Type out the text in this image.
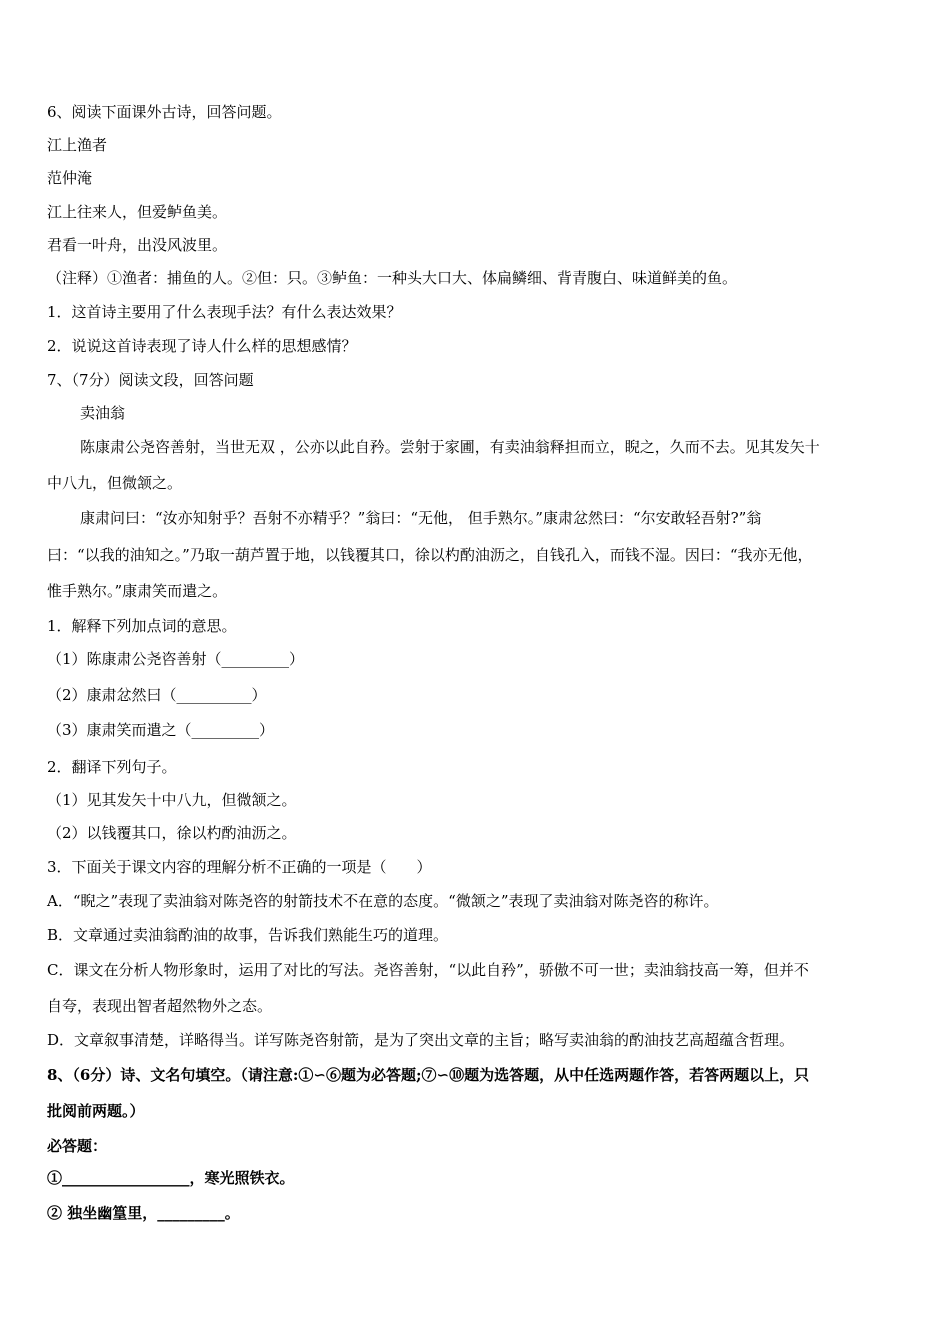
6、阅读下面课外古诗，回答问题。
江上渔者
范仲淹
江上往来人，但爱鲈鱼美。
君看一叶舟，出没风波里。
（注释）①渔者：捕鱼的人。②但：只。③鲈鱼：一种头大口大、体扁鳞细、背青腹白、味道鲜美的鱼。
1．这首诗主要用了什么表现手法？有什么表达效果？
2．说说这首诗表现了诗人什么样的思想感情？
7、（7分）阅读文段，回答问题
卖油翁
陈康肃公尧咨善射，当世无双 ，公亦以此自矜。尝射于家圃，有卖油翁释担而立，睨之，久而不去。见其发矢十
中八九，但微颔之。
康肃问曰：“汝亦知射乎？吾射不亦精乎？”翁曰：“无他， 但手熟尔。”康肃忿然曰：“尔安敢轻吾射?”翁
曰：“以我的油知之。”乃取一葫芦置于地，以钱覆其口，徐以杓酌油沥之，自钱孔入，而钱不湿。因曰：“我亦无他，
惟手熟尔。”康肃笑而遣之。
1．解释下列加点词的意思。
（1）陈康肃公尧咨善射（_________）
（2）康肃忿然曰（__________）
（3）康肃笑而遣之（_________）
2．翻译下列句子。
（1）见其发矢十中八九，但微颔之。
（2）以钱覆其口，徐以杓酌油沥之。
3．下面关于课文内容的理解分析不正确的一项是（　　）
A．“睨之”表现了卖油翁对陈尧咨的射箭技术不在意的态度。“微颔之”表现了卖油翁对陈尧咨的称许。
B．文章通过卖油翁酌油的故事，告诉我们熟能生巧的道理。
C．课文在分析人物形象时，运用了对比的写法。尧咨善射，“以此自矜”，骄傲不可一世；卖油翁技高一筹，但并不
自夸，表现出智者超然物外之态。
D．文章叙事清楚，详略得当。详写陈尧咨射箭，是为了突出文章的主旨；略写卖油翁的酌油技艺高超蕴含哲理。
8、（6分）诗、文名句填空。（请注意:①∽⑥题为必答题;⑦∽⑩题为选答题，从中任选两题作答，若答两题以上，只
批阅前两题。）
必答题：
①_________________，寒光照铁衣。
② 独坐幽篁里，_________。
